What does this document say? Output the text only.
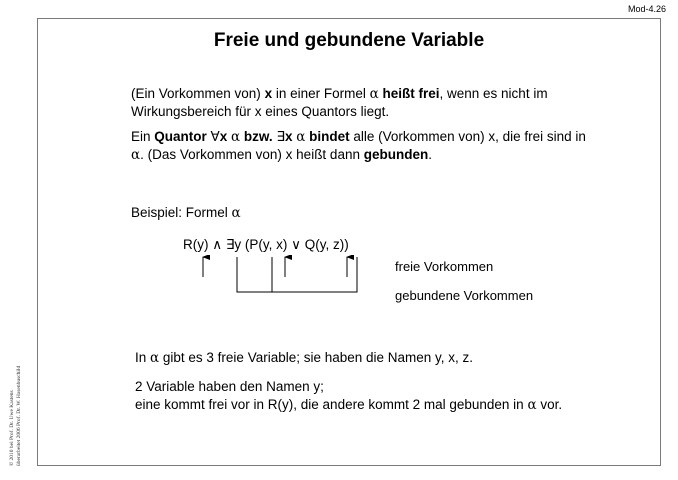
Mod-4.26
Freie und gebundene Variable
(Ein Vorkommen von) x in einer Formel α heißt frei, wenn es nicht im Wirkungsbereich für x eines Quantors liegt.
Ein Quantor ∀x α bzw. ∃x α bindet alle (Vorkommen von) x, die frei sind in α. (Das Vorkommen von) x heißt dann gebunden.
Beispiel: Formel α
R(y) ∧ ∃y (P(y, x) ∨ Q(y, z))
freie Vorkommen
gebundene Vorkommen
In α gibt es 3 freie Variable; sie haben die Namen y, x, z.
2 Variable haben den Namen y;
eine kommt frei vor in R(y), die andere kommt 2 mal gebunden in α vor.
© 2010 bei Prof. Dr. Uwe Kastens überarbeitet 2006 Prof. Dr. W. Hasenbuschild
